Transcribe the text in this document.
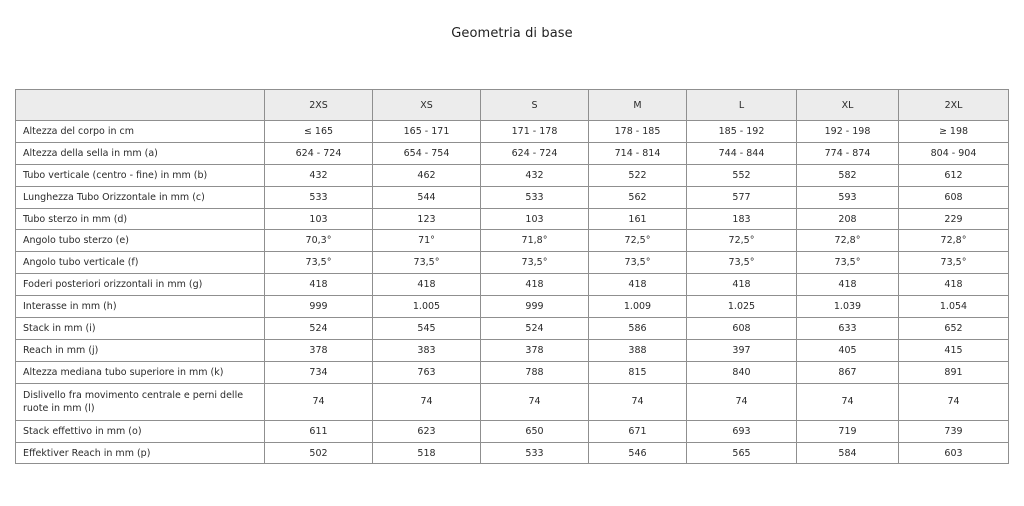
Geometria di base
	2XS	XS	S	M	L	XL	2XL
Altezza del corpo in cm	≤ 165	165 - 171	171 - 178	178 - 185	185 - 192	192 - 198	≥ 198
Altezza della sella in mm (a)	624 - 724	654 - 754	624 - 724	714 - 814	744 - 844	774 - 874	804 - 904
Tubo verticale (centro - fine) in mm (b)	432	462	432	522	552	582	612
Lunghezza Tubo Orizzontale in mm (c)	533	544	533	562	577	593	608
Tubo sterzo in mm (d)	103	123	103	161	183	208	229
Angolo tubo sterzo (e)	70,3°	71°	71,8°	72,5°	72,5°	72,8°	72,8°
Angolo tubo verticale (f)	73,5°	73,5°	73,5°	73,5°	73,5°	73,5°	73,5°
Foderi posteriori orizzontali in mm (g)	418	418	418	418	418	418	418
Interasse in mm (h)	999	1.005	999	1.009	1.025	1.039	1.054
Stack in mm (i)	524	545	524	586	608	633	652
Reach in mm (j)	378	383	378	388	397	405	415
Altezza mediana tubo superiore in mm (k)	734	763	788	815	840	867	891
Dislivello fra movimento centrale e perni delle ruote in mm (l)	74	74	74	74	74	74	74
Stack effettivo in mm (o)	611	623	650	671	693	719	739
Effektiver Reach in mm (p)	502	518	533	546	565	584	603
